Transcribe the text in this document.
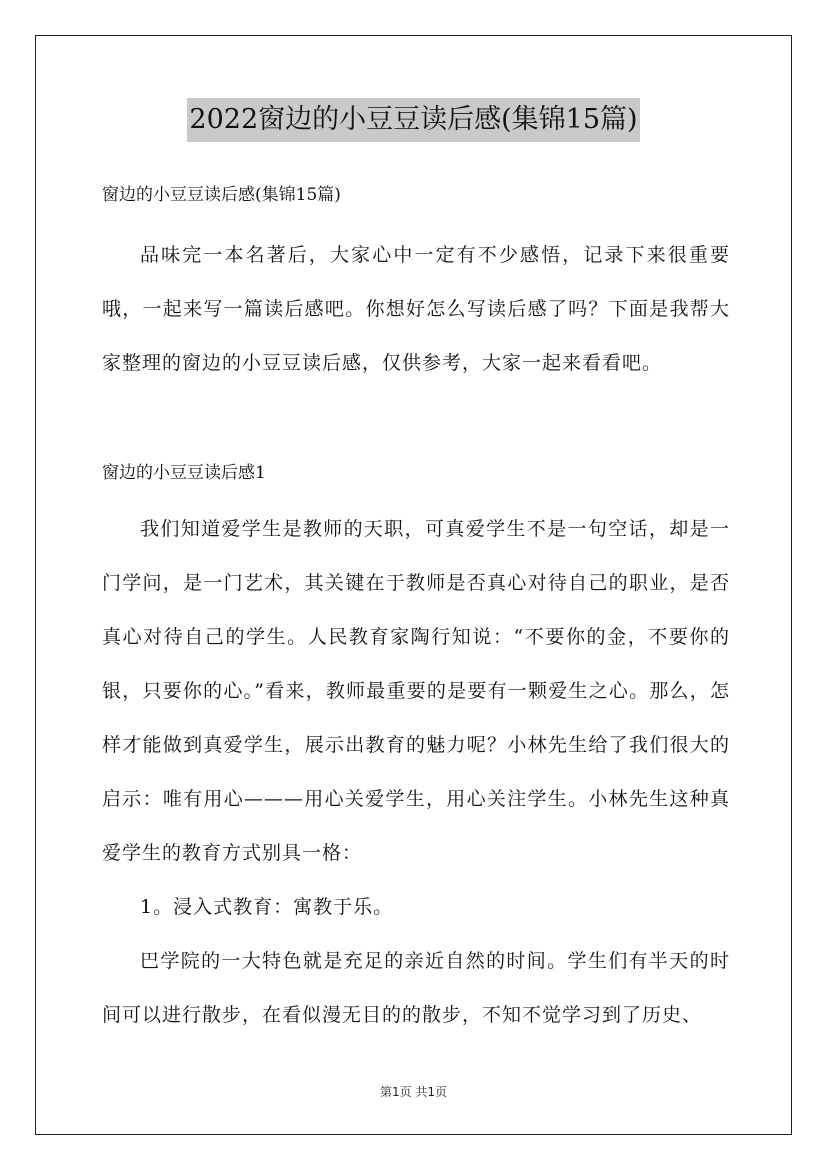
2022窗边的小豆豆读后感(集锦15篇)

窗边的小豆豆读后感(集锦15篇)

品味完一本名著后，大家心中一定有不少感悟，记录下来很重要哦，一起来写一篇读后感吧。你想好怎么写读后感了吗？下面是我帮大家整理的窗边的小豆豆读后感，仅供参考，大家一起来看看吧。

窗边的小豆豆读后感1

我们知道爱学生是教师的天职，可真爱学生不是一句空话，却是一门学问，是一门艺术，其关键在于教师是否真心对待自己的职业，是否真心对待自己的学生。人民教育家陶行知说：“不要你的金，不要你的银，只要你的心。”看来，教师最重要的是要有一颗爱生之心。那么，怎样才能做到真爱学生，展示出教育的魅力呢？小林先生给了我们很大的启示：唯有用心———用心关爱学生，用心关注学生。小林先生这种真爱学生的教育方式别具一格：

1。浸入式教育：寓教于乐。

巴学院的一大特色就是充足的亲近自然的时间。学生们有半天的时间可以进行散步，在看似漫无目的的散步，不知不觉学习到了历史、

第1页 共1页
